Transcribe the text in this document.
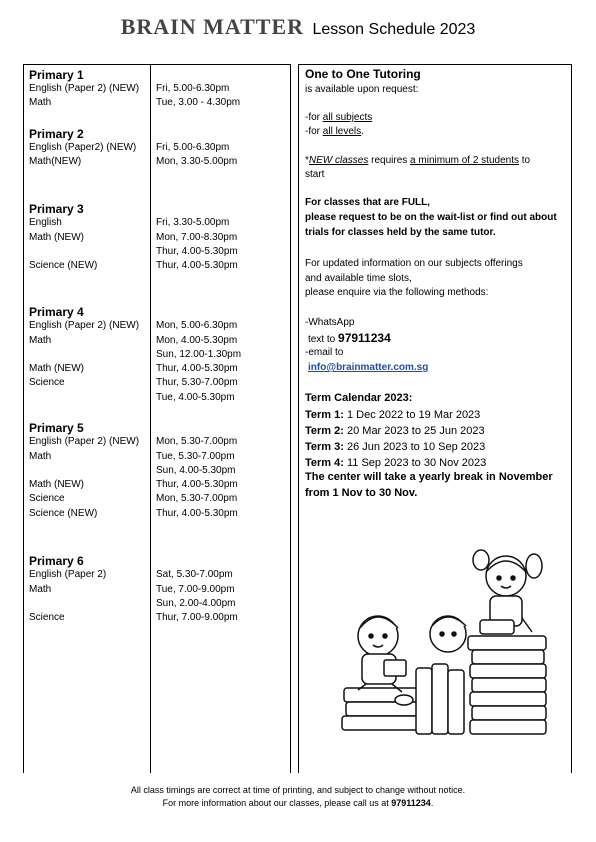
BRAIN MATTER Lesson Schedule 2023
Primary 1
English (Paper 2) (NEW) Fri, 5.00-6.30pm
Math	Tue, 3.00 - 4.30pm
Primary 2
English (Paper2) (NEW) Fri, 5.00-6.30pm
Math(NEW)	Mon, 3.30-5.00pm
Primary 3
English	Fri, 3.30-5.00pm
Math (NEW)	Mon, 7.00-8.30pm
Thur, 4.00-5.30pm
Science (NEW)	Thur, 4.00-5.30pm
Primary 4
English (Paper 2) (NEW) Mon, 5.00-6.30pm
Math	Mon, 4.00-5.30pm
Sun, 12.00-1.30pm
Math (NEW)	Thur, 4.00-5.30pm
Science	Thur, 5.30-7.00pm
Tue, 4.00-5.30pm
Primary 5
English (Paper 2) (NEW) Mon, 5.30-7.00pm
Math	Tue, 5.30-7.00pm
Sun, 4.00-5.30pm
Math (NEW)	Thur, 4.00-5.30pm
Science	Mon, 5.30-7.00pm
Science (NEW)	Thur, 4.00-5.30pm
Primary 6
English (Paper 2)	Sat, 5.30-7.00pm
Math	Tue, 7.00-9.00pm
Sun, 2.00-4.00pm
Science	Thur, 7.00-9.00pm
One to One Tutoring
is available upon request:
-for all subjects
-for all levels.
*NEW classes requires a minimum of 2 students to
start
For classes that are FULL,
please request to be on the wait-list or find out about
trials for classes held by the same tutor.
For updated information on our subjects offerings
and available time slots,
please enquire via the following methods:
-WhatsApp
text to 97911234
-email to
info@brainmatter.com.sg
Term Calendar 2023:
Term 1: 1 Dec 2022 to 19 Mar 2023
Term 2: 20 Mar 2023 to 25 Jun 2023
Term 3: 26 Jun 2023 to 10 Sep 2023
Term 4: 11 Sep 2023 to 30 Nov 2023
The center will take a yearly break in November
from 1 Nov to 30 Nov.
All class timings are correct at time of printing, and subject to change without notice.
For more information about our classes, please call us at 97911234.
